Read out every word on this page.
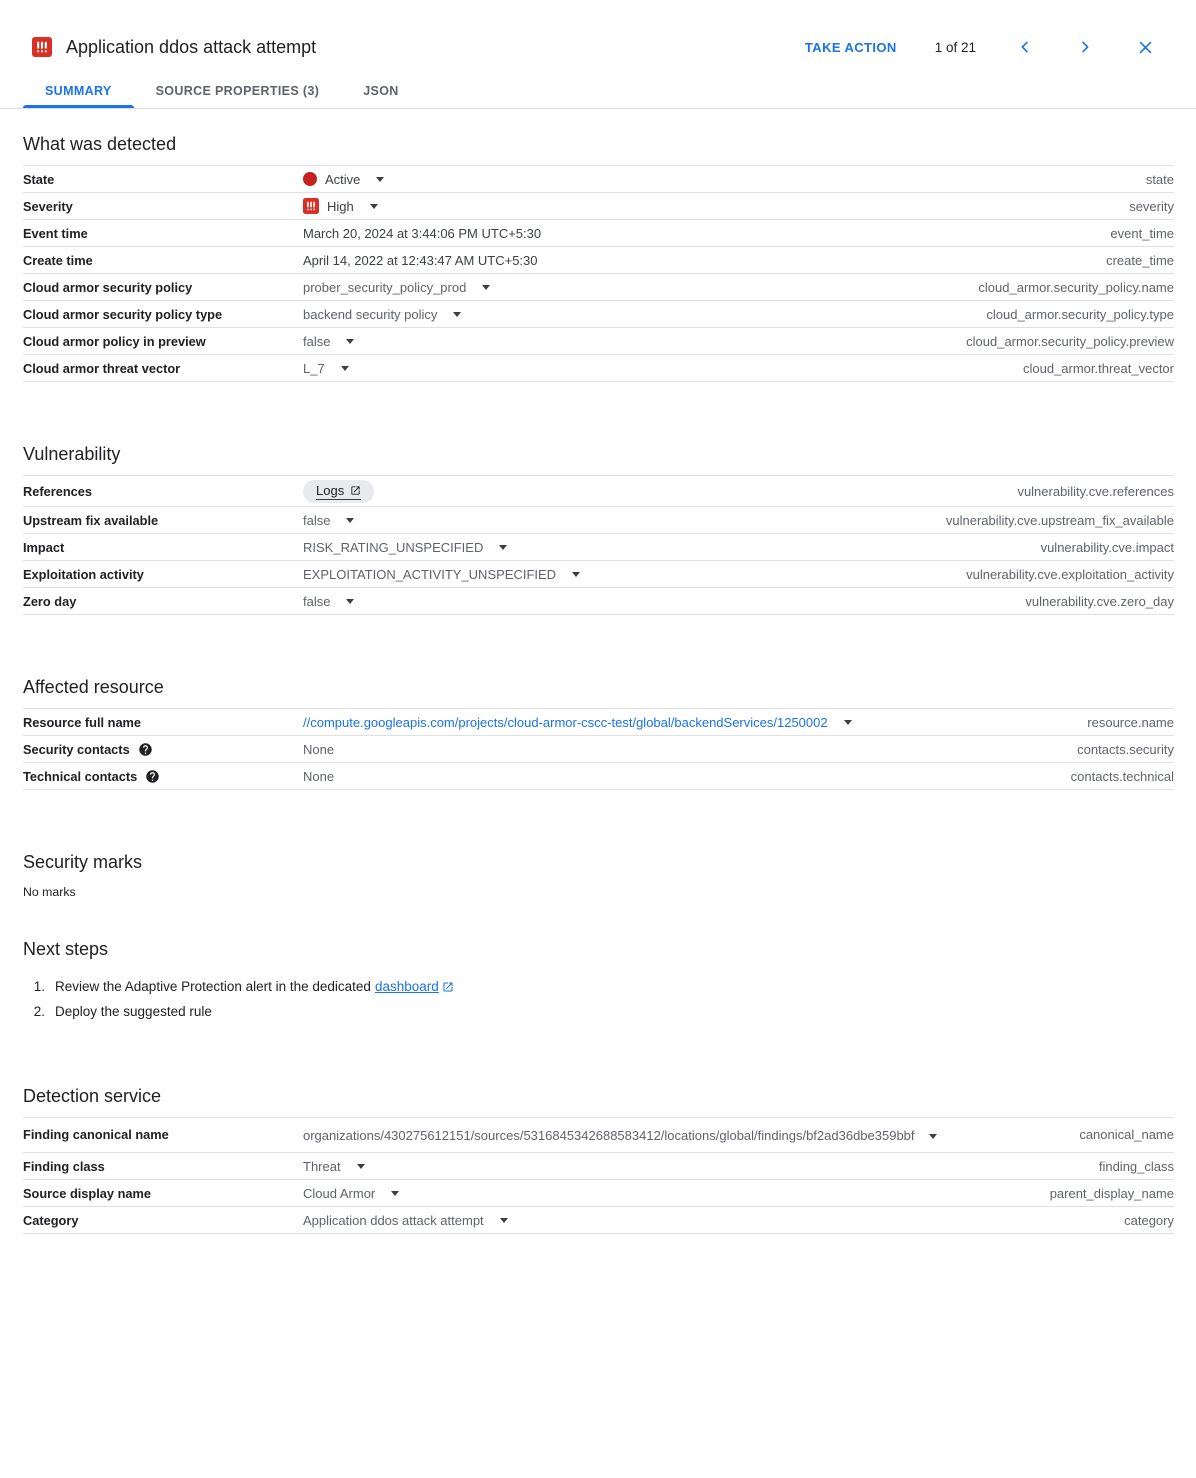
Application ddos attack attempt	TAKE ACTION	1 of 21
SUMMARY	SOURCE PROPERTIES (3)	JSON
What was detected
State	Active	state
Severity	High	severity
Event time	March 20, 2024 at 3:44:06 PM UTC+5:30	event_time
Create time	April 14, 2022 at 12:43:47 AM UTC+5:30	create_time
Cloud armor security policy	prober_security_policy_prod	cloud_armor.security_policy.name
Cloud armor security policy type	backend security policy	cloud_armor.security_policy.type
Cloud armor policy in preview	false	cloud_armor.security_policy.preview
Cloud armor threat vector	L_7	cloud_armor.threat_vector
Vulnerability
References	Logs	vulnerability.cve.references
Upstream fix available	false	vulnerability.cve.upstream_fix_available
Impact	RISK_RATING_UNSPECIFIED	vulnerability.cve.impact
Exploitation activity	EXPLOITATION_ACTIVITY_UNSPECIFIED	vulnerability.cve.exploitation_activity
Zero day	false	vulnerability.cve.zero_day
Affected resource
Resource full name	//compute.googleapis.com/projects/cloud-armor-cscc-test/global/backendServices/1250002	resource.name
Security contacts	None	contacts.security
Technical contacts	None	contacts.technical
Security marks
No marks
Next steps
1. Review the Adaptive Protection alert in the dedicated dashboard
2. Deploy the suggested rule
Detection service
Finding canonical name	organizations/430275612151/sources/5316845342688583412/locations/global/findings/bf2ad36dbe359bbf	canonical_name
Finding class	Threat	finding_class
Source display name	Cloud Armor	parent_display_name
Category	Application ddos attack attempt	category
